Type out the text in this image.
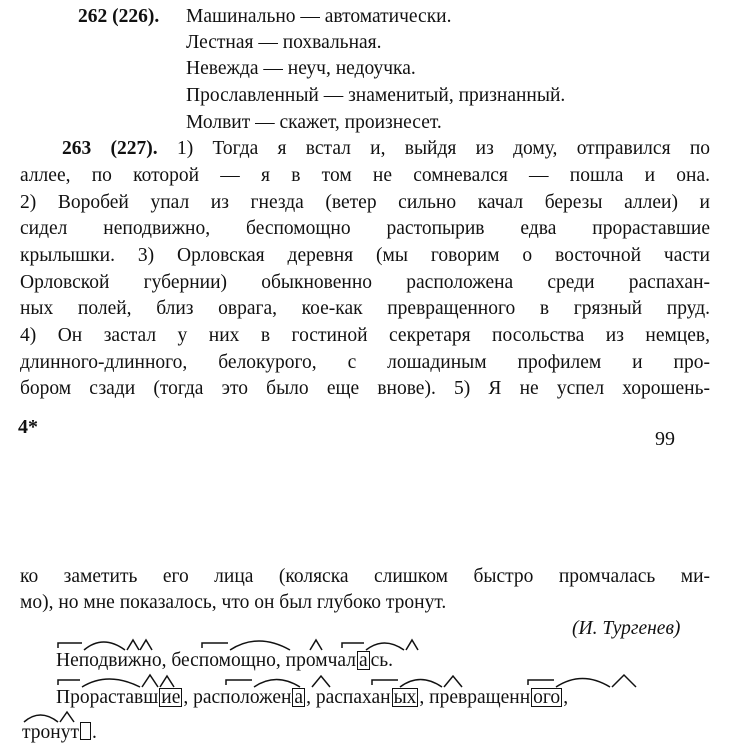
262 (226). Машинально — автоматически.
Лестная — похвальная.
Невежда — неуч, недоучка.
Прославленный — знаменитый, признанный.
Молвит — скажет, произнесет.
263 (227). 1) Тогда я встал и, выйдя из дому, отправился по
аллее, по которой — я в том не сомневался — пошла и она.
2) Воробей упал из гнезда (ветер сильно качал березы аллеи) и
сидел неподвижно, беспомощно растопырив едва прораставшие
крылышки. 3) Орловская деревня (мы говорим о восточной части
Орловской губернии) обыкновенно расположена среди распахан-
ных полей, близ оврага, кое-как превращенного в грязный пруд.
4) Он застал у них в гостиной секретаря посольства из немцев,
длинного-длинного, белокурого, с лошадиным профилем и про-
бором сзади (тогда это было еще внове). 5) Я не успел хорошень-
4*
99
ко заметить его лица (коляска слишком быстро промчалась ми-
мо), но мне показалось, что он был глубоко тронут.
(И. Тургенев)
Неподвижно, беспомощно, промчал а сь.
Прораставш ие , расположен а , распахан ых , превращенн ого ,
тронут .
